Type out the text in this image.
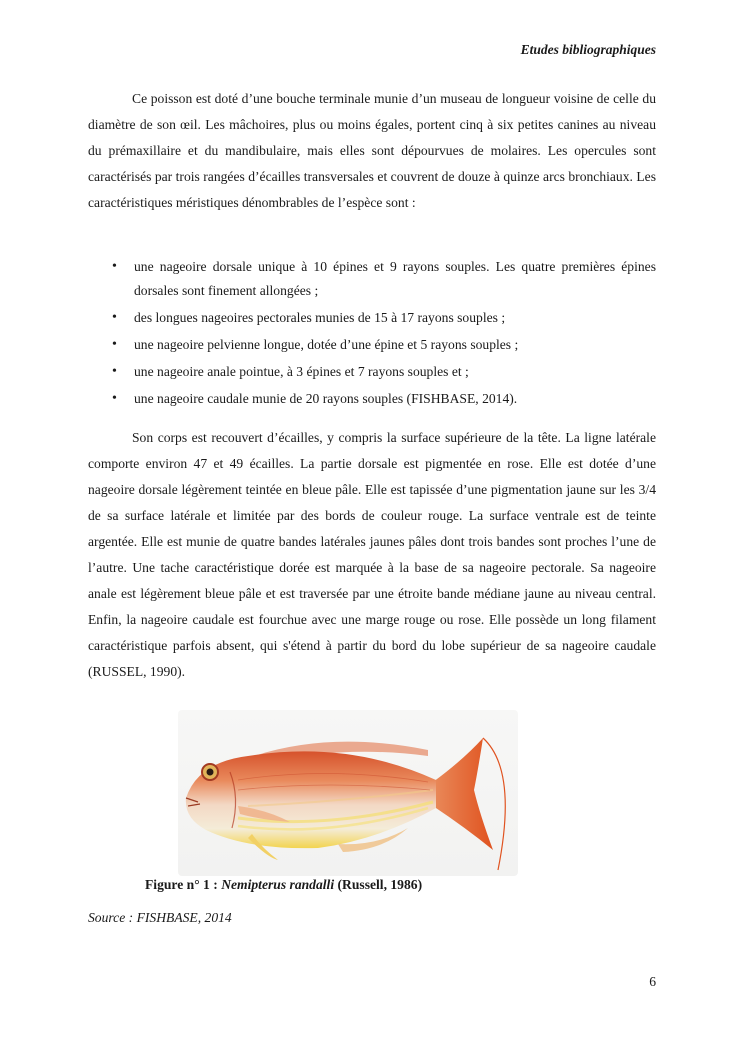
Etudes bibliographiques

Ce poisson est doté d’une bouche terminale munie d’un museau de longueur voisine de celle du diamètre de son œil. Les mâchoires, plus ou moins égales, portent cinq à six petites canines au niveau du prémaxillaire et du mandibulaire, mais elles sont dépourvues de molaires. Les opercules sont caractérisés par trois rangées d’écailles transversales et couvrent de douze à quinze arcs bronchiaux. Les caractéristiques méristiques dénombrables de l’espèce sont :

• une nageoire dorsale unique à 10 épines et 9 rayons souples. Les quatre premières épines dorsales sont finement allongées ;
• des longues nageoires pectorales munies de 15 à 17 rayons souples ;
• une nageoire pelvienne longue, dotée d’une épine et 5 rayons souples ;
• une nageoire anale pointue, à 3 épines et 7 rayons souples et ;
• une nageoire caudale munie de 20 rayons souples (FISHBASE, 2014).

Son corps est recouvert d’écailles, y compris la surface supérieure de la tête. La ligne latérale comporte environ 47 et 49 écailles. La partie dorsale est pigmentée en rose. Elle est dotée d’une nageoire dorsale légèrement teintée en bleue pâle. Elle est tapissée d’une pigmentation jaune sur les 3/4 de sa surface latérale et limitée par des bords de couleur rouge. La surface ventrale est de teinte argentée. Elle est munie de quatre bandes latérales jaunes pâles dont trois bandes sont proches l’une de l’autre. Une tache caractéristique dorée est marquée à la base de sa nageoire pectorale. Sa nageoire anale est légèrement bleue pâle et est traversée par une étroite bande médiane jaune au niveau central. Enfin, la nageoire caudale est fourchue avec une marge rouge ou rose. Elle possède un long filament caractéristique parfois absent, qui s'étend à partir du bord du lobe supérieur de sa nageoire caudale (RUSSEL, 1990).

Figure n° 1 : Nemipterus randalli (Russell, 1986)
Source : FISHBASE, 2014
6
